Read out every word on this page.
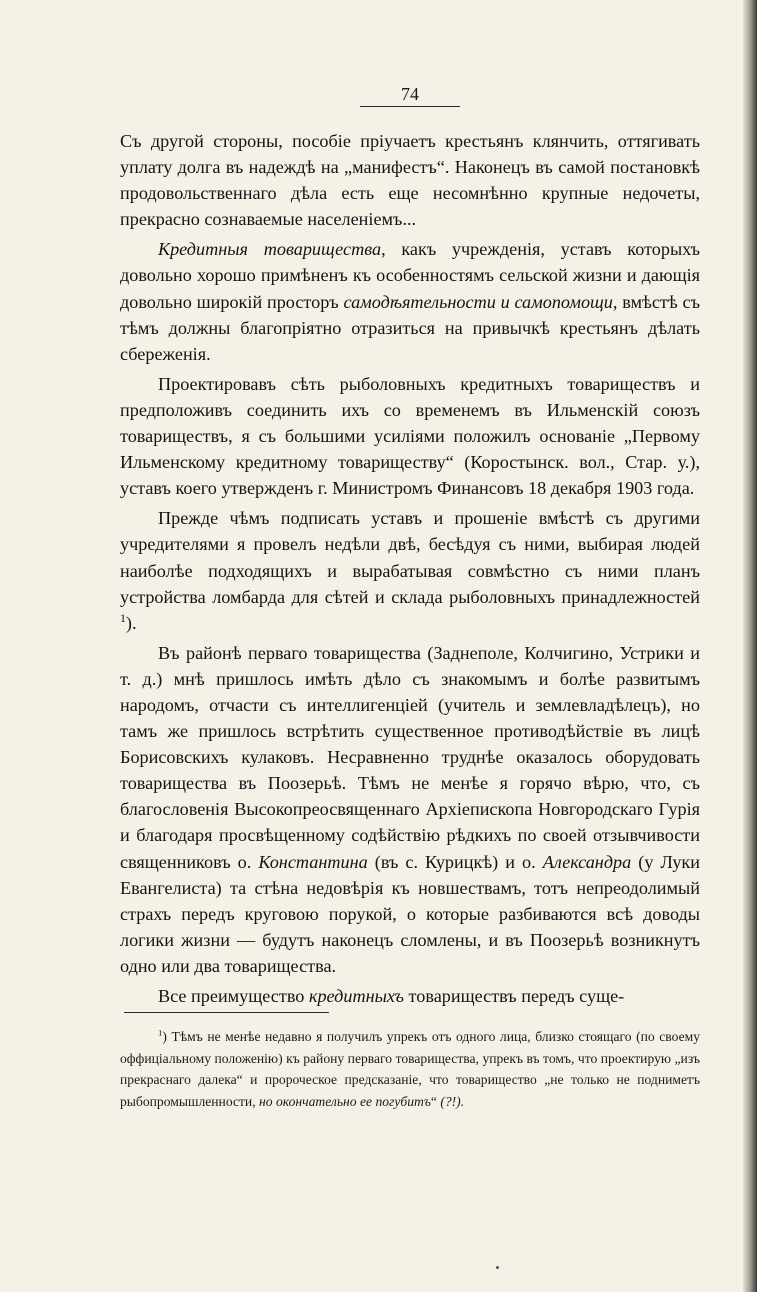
74

Съ другой стороны, пособіе пріучаетъ крестьянъ клянчить, оттягивать уплату долга въ надеждѣ на „манифестъ“. Наконецъ въ самой постановкѣ продовольственнаго дѣла есть еще несомнѣнно крупные недочеты, прекрасно сознаваемые населеніемъ...

Кредитныя товарищества, какъ учрежденія, уставъ которыхъ довольно хорошо примѣненъ къ особенностямъ сельской жизни и дающія довольно широкій просторъ самодѣятельности и самопомощи, вмѣстѣ съ тѣмъ должны благопріятно отразиться на привычкѣ крестьянъ дѣлать сбереженія.

Проектировавъ сѣть рыболовныхъ кредитныхъ товариществъ и предположивъ соединить ихъ со временемъ въ Ильменскій союзъ товариществъ, я съ большими усиліями положилъ основаніе „Первому Ильменскому кредитному товариществу“ (Коростынск. вол., Стар. у.), уставъ коего утвержденъ г. Министромъ Финансовъ 18 декабря 1903 года.

Прежде чѣмъ подписать уставъ и прошеніе вмѣстѣ съ другими учредителями я провелъ недѣли двѣ, бесѣдуя съ ними, выбирая людей наиболѣе подходящихъ и вырабатывая совмѣстно съ ними планъ устройства ломбарда для сѣтей и склада рыболовныхъ принадлежностей $^1$).

Въ районѣ перваго товарищества (Заднеполе, Колчигино, Устрики и т. д.) мнѣ пришлось имѣть дѣло съ знакомымъ и болѣе развитымъ народомъ, отчасти съ интеллигенціей (учитель и землевладѣлецъ), но тамъ же пришлось встрѣтить существенное противодѣйствіе въ лицѣ Борисовскихъ кулаковъ. Несравненно труднѣе оказалось оборудовать товарищества въ Поозерьѣ. Тѣмъ не менѣе я горячо вѣрю, что, съ благословенія Высокопреосвященнаго Архіепископа Новгородскаго Гурія и благодаря просвѣщенному содѣйствію рѣдкихъ по своей отзывчивости священниковъ о. Константина (въ с. Курицкѣ) и о. Александра (у Луки Евангелиста) та стѣна недовѣрія къ новшествамъ, тотъ непреодолимый страхъ передъ круговою порукой, о которые разбиваются всѣ доводы логики жизни — будутъ наконецъ сломлены, и въ Поозерьѣ возникнутъ одно или два товарищества.

Все преимущество кредитныхъ товариществъ передъ суще-

$^1$) Тѣмъ не менѣе недавно я получилъ упрекъ отъ одного лица, близко стоящаго (по своему оффиціальному положенію) къ району перваго товарищества, упрекъ въ томъ, что проектирую „изъ прекраснаго далека“ и пророческое предсказаніе, что товарищество „не только не подниметъ рыбопромышленности, но окончательно ее погубитъ“ (?!).
